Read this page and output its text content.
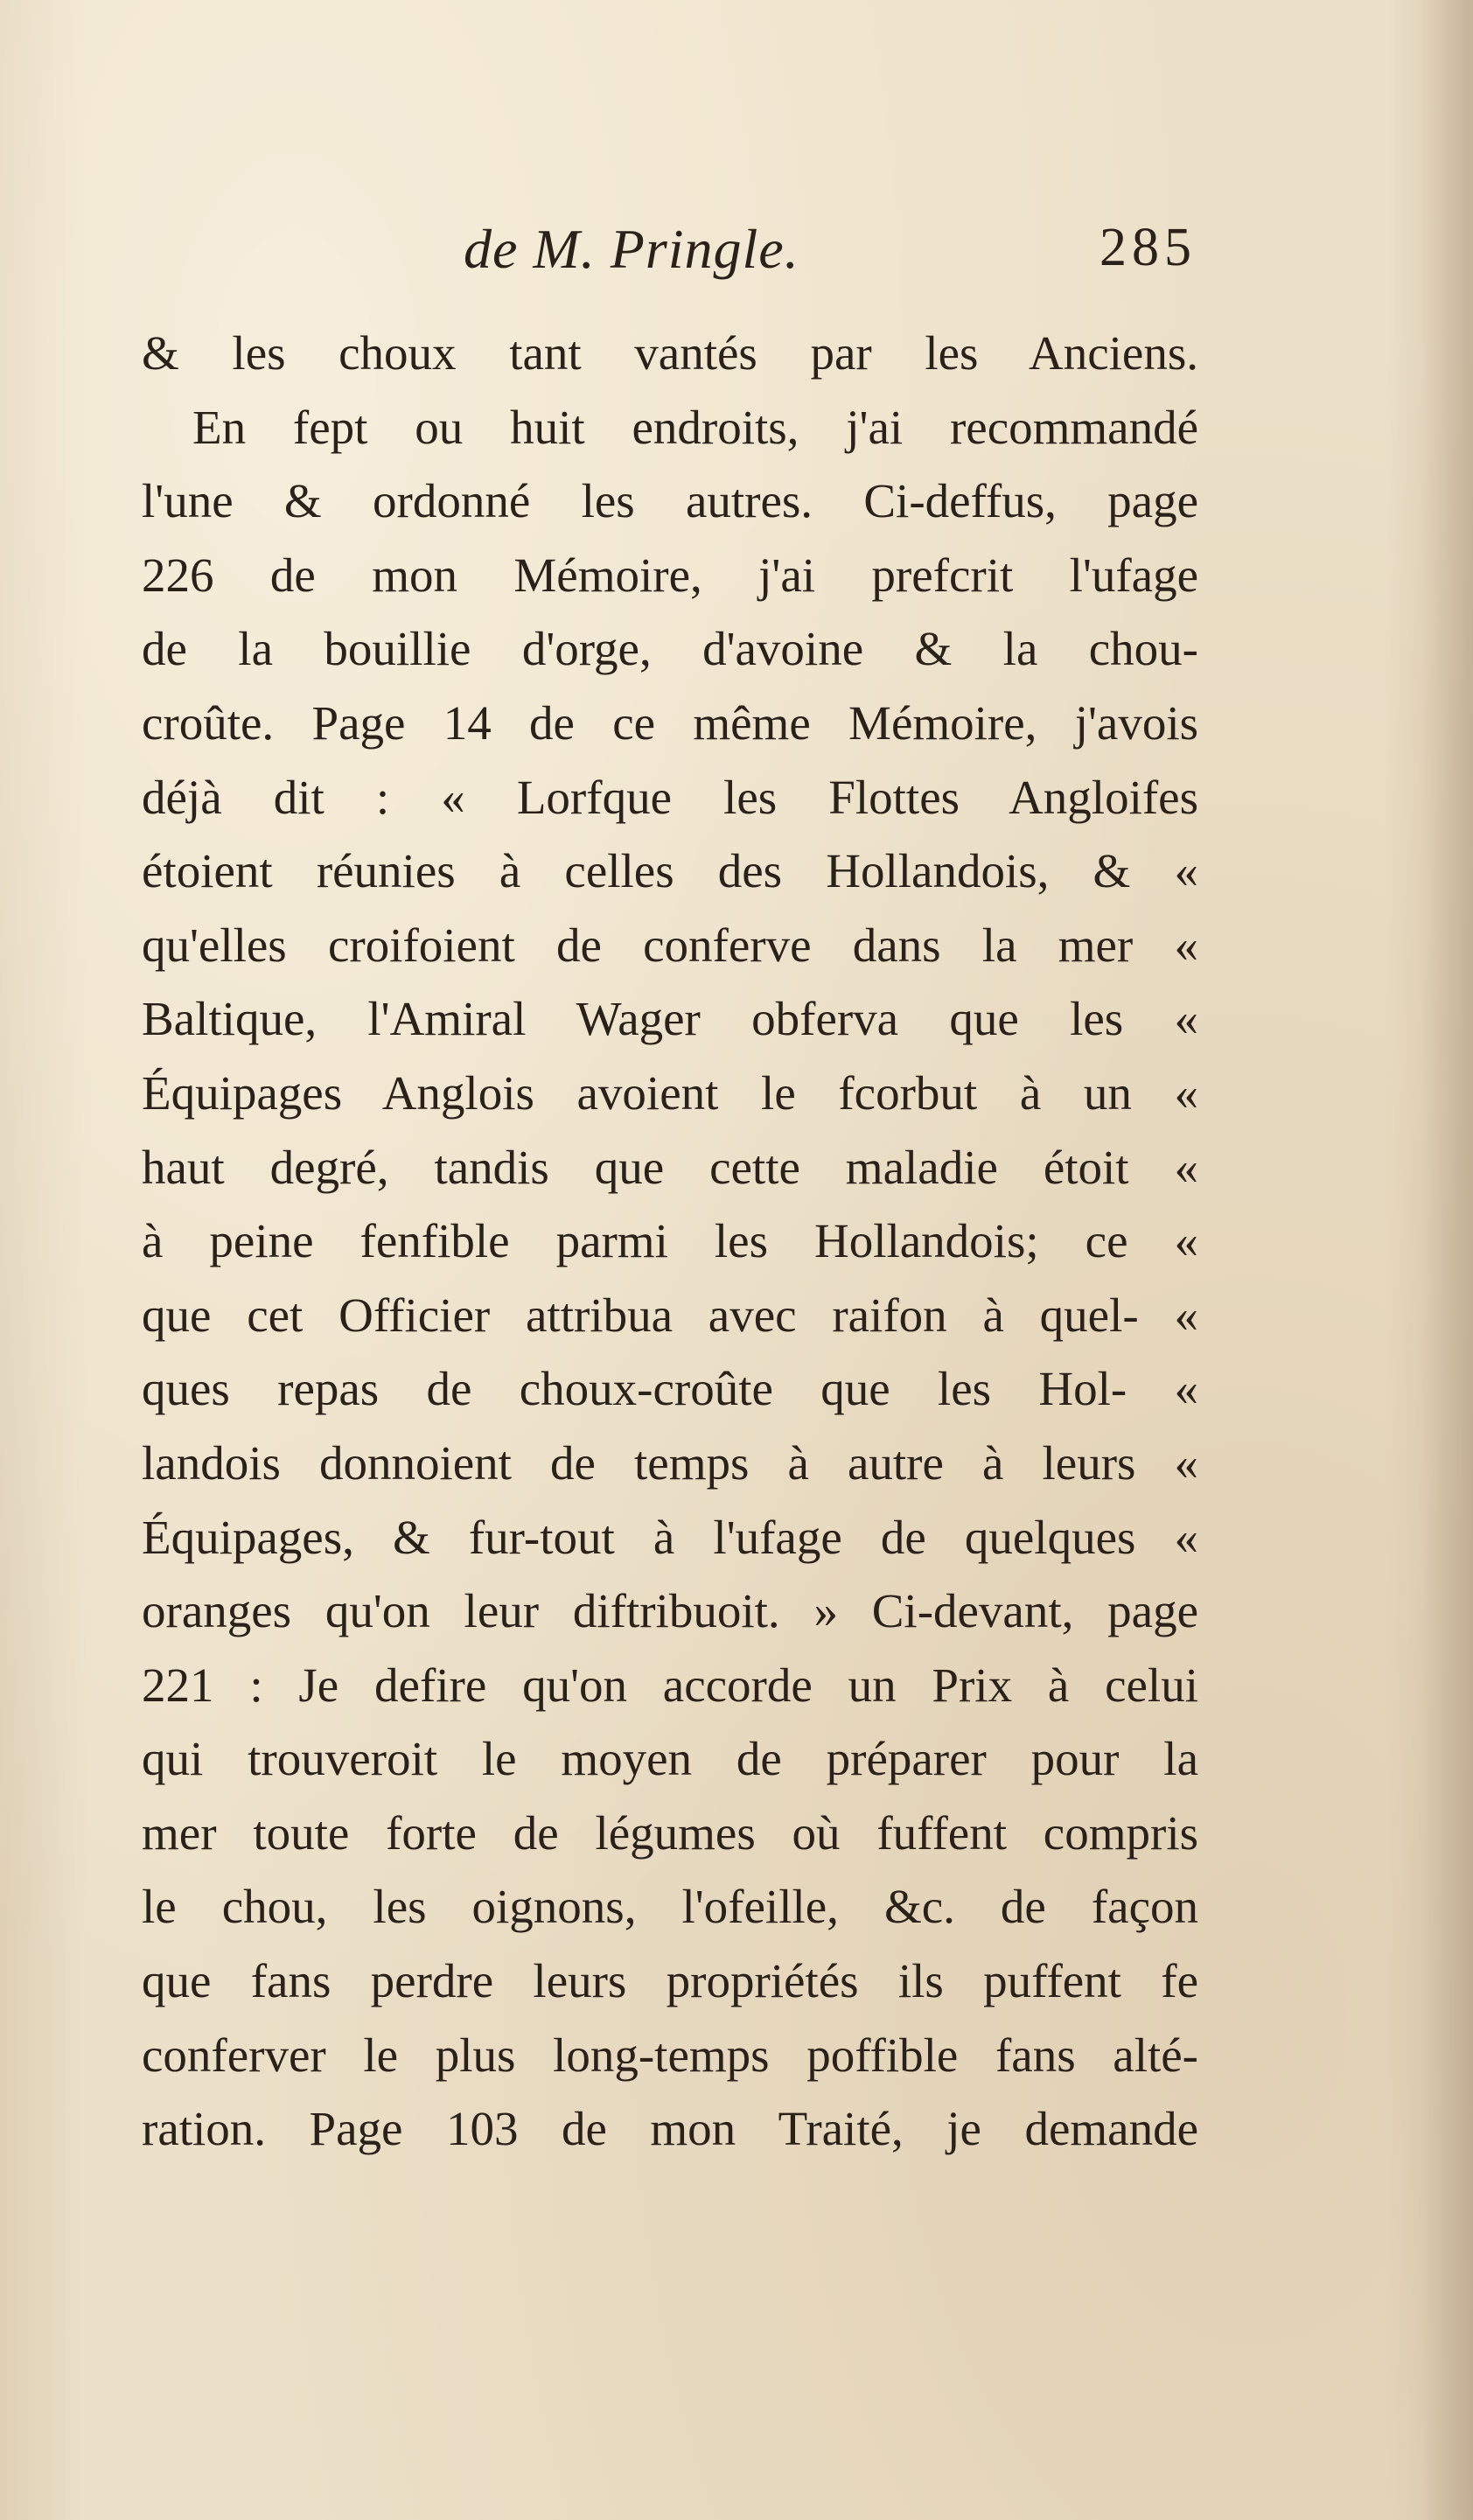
de M. Pringle.	285
& les choux tant vantés par les Anciens.
En fept ou huit endroits, j'ai recommandé
l'une & ordonné les autres. Ci-deffus, page
226 de mon Mémoire, j'ai prefcrit l'ufage
de la bouillie d'orge, d'avoine & la chou-
croûte. Page 14 de ce même Mémoire, j'avois
déjà dit : « Lorfque les Flottes Angloifes
étoient réunies à celles des Hollandois, & «
qu'elles croifoient de conferve dans la mer «
Baltique, l'Amiral Wager obferva que les «
Équipages Anglois avoient le fcorbut à un «
haut degré, tandis que cette maladie étoit «
à peine fenfible parmi les Hollandois; ce «
que cet Officier attribua avec raifon à quel- «
ques repas de choux-croûte que les Hol- «
landois donnoient de temps à autre à leurs «
Équipages, & fur-tout à l'ufage de quelques «
oranges qu'on leur diftribuoit. » Ci-devant, page
221 : Je defire qu'on accorde un Prix à celui
qui trouveroit le moyen de préparer pour la
mer toute forte de légumes où fuffent compris
le chou, les oignons, l'ofeille, &c. de façon
que fans perdre leurs propriétés ils puffent fe
conferver le plus long-temps poffible fans alté-
ration. Page 103 de mon Traité, je demande
